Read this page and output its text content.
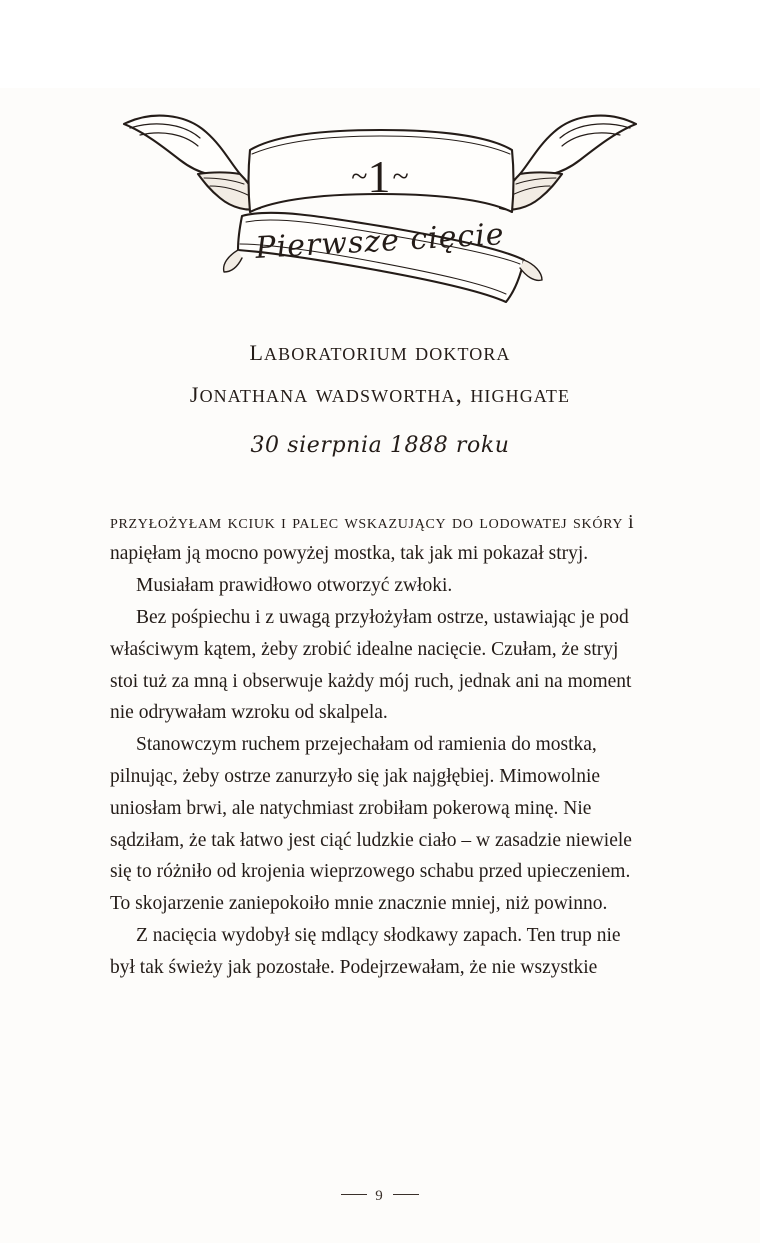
~1~
Pierwsze cięcie
laboratorium doktora
jonathana wadswortha, highgate
30 sierpnia 1888 roku

przyłożyłam kciuk i palec wskazujący do lodowatej skóry i napięłam ją mocno powyżej mostka, tak jak mi pokazał stryj.

Musiałam prawidłowo otworzyć zwłoki.

Bez pośpiechu i z uwagą przyłożyłam ostrze, ustawiając je pod właściwym kątem, żeby zrobić idealne nacięcie. Czułam, że stryj stoi tuż za mną i obserwuje każdy mój ruch, jednak ani na moment nie odrywałam wzroku od skalpela.

Stanowczym ruchem przejechałam od ramienia do mostka, pilnując, żeby ostrze zanurzyło się jak najgłębiej. Mimowolnie uniosłam brwi, ale natychmiast zrobiłam pokerową minę. Nie sądziłam, że tak łatwo jest ciąć ludzkie ciało – w zasadzie niewiele się to różniło od krojenia wieprzowego schabu przed upieczeniem. To skojarzenie zaniepokoiło mnie znacznie mniej, niż powinno.

Z nacięcia wydobył się mdlący słodkawy zapach. Ten trup nie był tak świeży jak pozostałe. Podejrzewałam, że nie wszystkie

9
